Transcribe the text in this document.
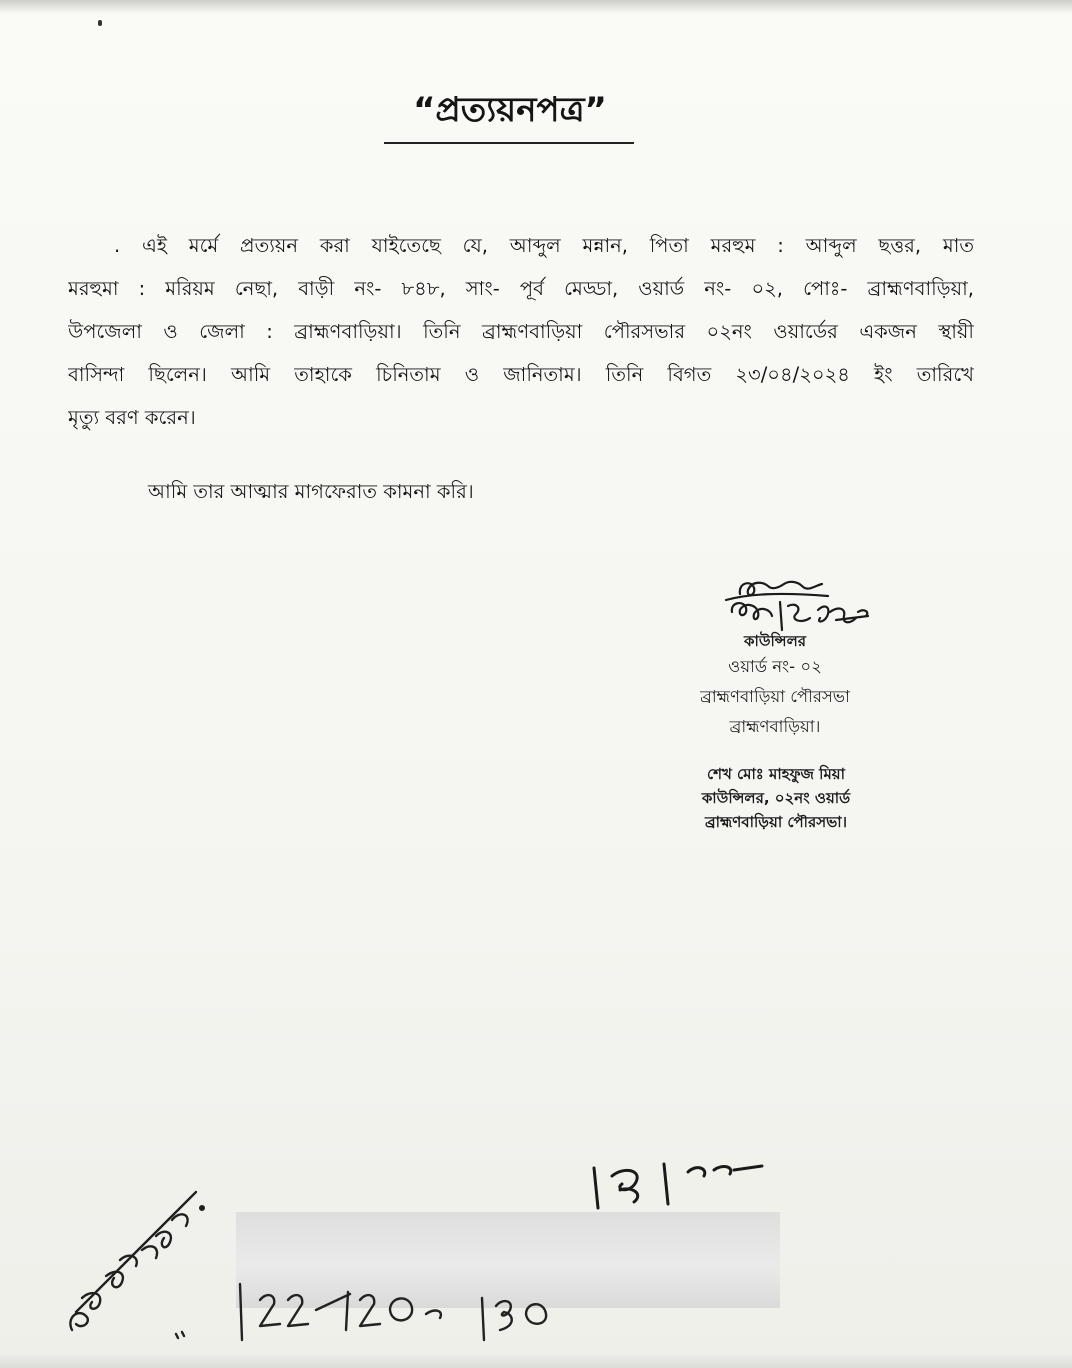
“প্রত্যয়নপত্র”
. এই মর্মে প্রত্যয়ন করা যাইতেছে যে, আব্দুল মন্নান, পিতা মরহুম : আব্দুল ছত্তর, মাত
মরহুমা : মরিয়ম নেছা, বাড়ী নং- ৮৪৮, সাং- পূর্ব মেড্ডা, ওয়ার্ড নং- ০২, পোঃ- ব্রাহ্মণবাড়িয়া,
উপজেলা ও জেলা : ব্রাহ্মণবাড়িয়া। তিনি ব্রাহ্মণবাড়িয়া পৌরসভার ০২নং ওয়ার্ডের একজন স্থায়ী
বাসিন্দা ছিলেন। আমি তাহাকে চিনিতাম ও জানিতাম। তিনি বিগত ২৩/০৪/২০২৪ ইং তারিখে
মৃত্যু বরণ করেন।
আমি তার আত্মার মাগফেরাত কামনা করি।
কাউন্সিলর
ওয়ার্ড নং- ০২
ব্রাহ্মণবাড়িয়া পৌরসভা
ব্রাহ্মণবাড়িয়া।
শেখ মোঃ মাহফুজ মিয়া
কাউন্সিলর, ০২নং ওয়ার্ড
ব্রাহ্মণবাড়িয়া পৌরসভা।
